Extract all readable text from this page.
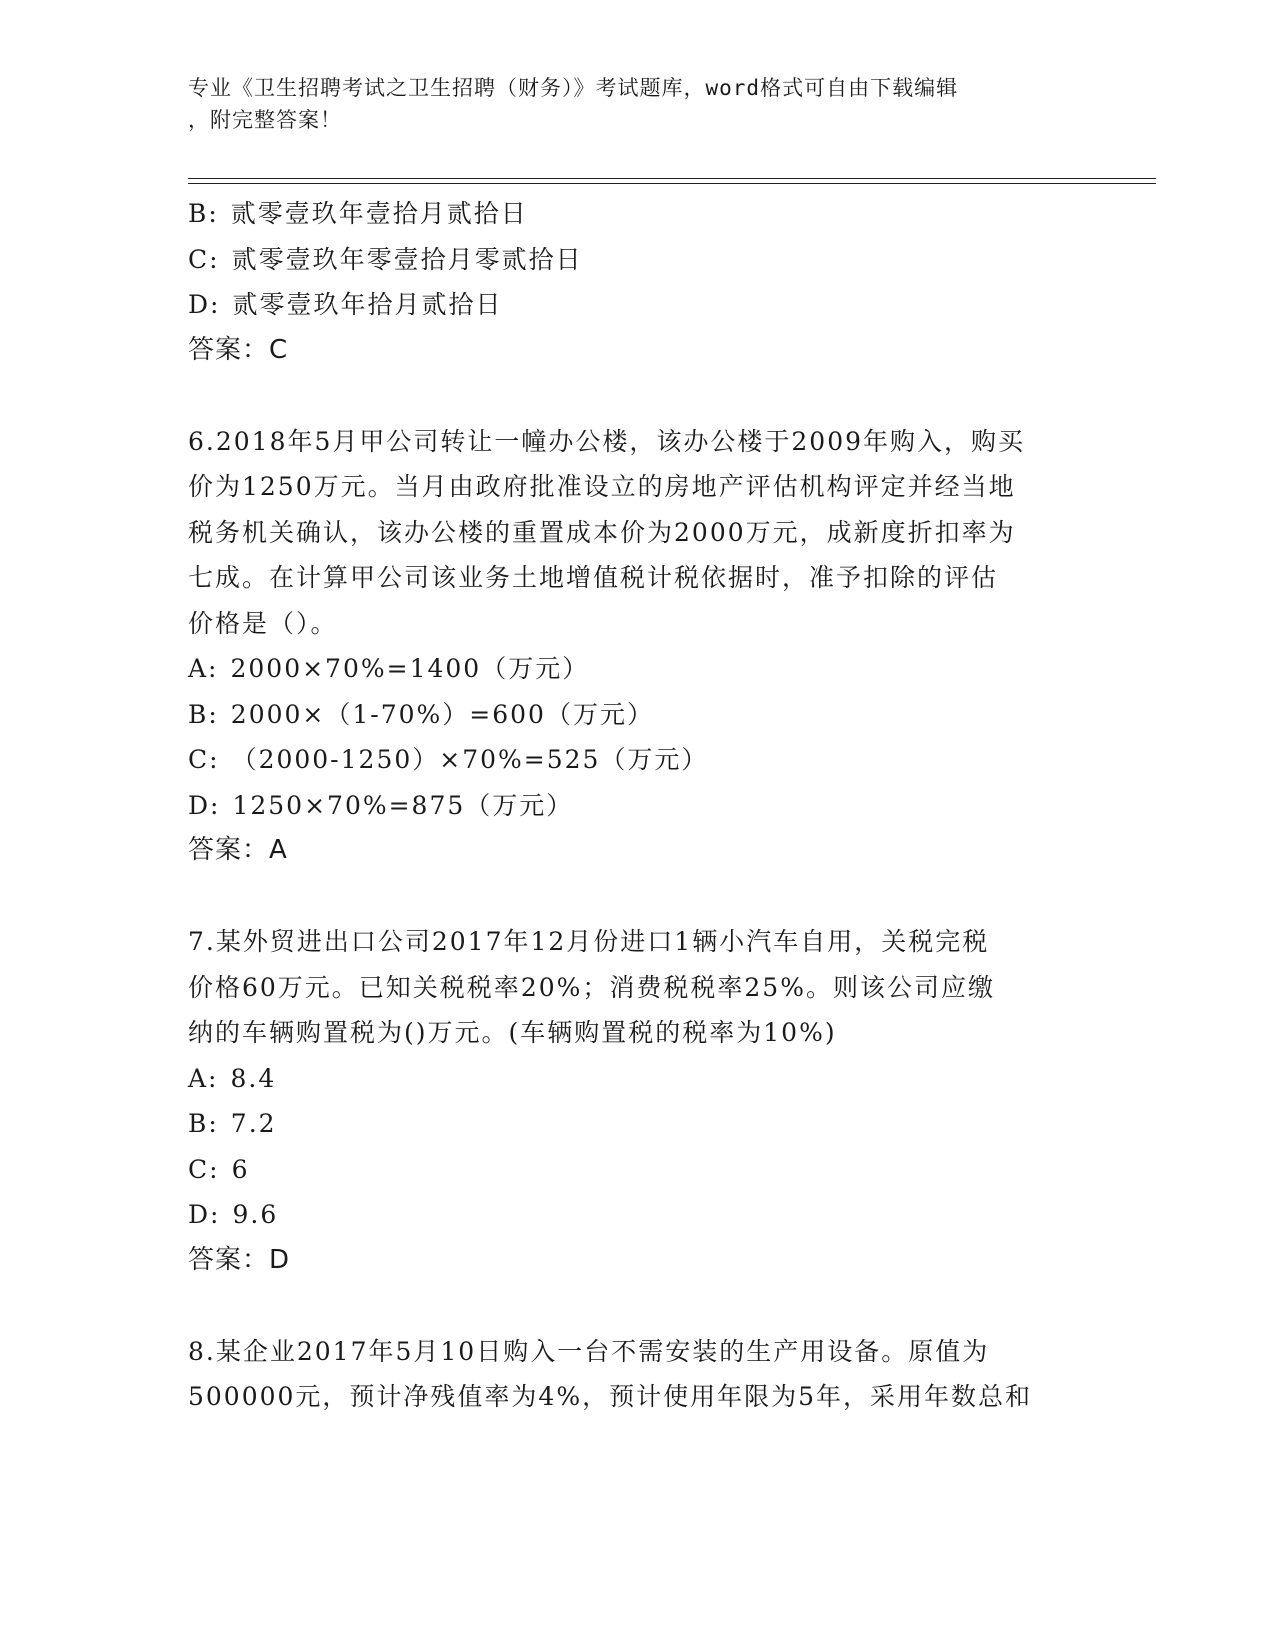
专业《卫生招聘考试之卫生招聘（财务）》考试题库，word格式可自由下载编辑
，附完整答案！
B: 贰零壹玖年壹拾月贰拾日
C: 贰零壹玖年零壹拾月零贰拾日
D: 贰零壹玖年拾月贰拾日
答案：C
6.2018年5月甲公司转让一幢办公楼，该办公楼于2009年购入，购买
价为1250万元。当月由政府批准设立的房地产评估机构评定并经当地
税务机关确认，该办公楼的重置成本价为2000万元，成新度折扣率为
七成。在计算甲公司该业务土地增值税计税依据时，准予扣除的评估
价格是（）。
A: 2000×70%=1400（万元）
B: 2000×（1-70%）=600（万元）
C: （2000-1250）×70%=525（万元）
D: 1250×70%=875（万元）
答案：A
7.某外贸进出口公司2017年12月份进口1辆小汽车自用，关税完税
价格60万元。已知关税税率20%；消费税税率25%。则该公司应缴
纳的车辆购置税为()万元。(车辆购置税的税率为10%)
A: 8.4
B: 7.2
C: 6
D: 9.6
答案：D
8.某企业2017年5月10日购入一台不需安装的生产用设备。原值为
500000元，预计净残值率为4%，预计使用年限为5年，采用年数总和
